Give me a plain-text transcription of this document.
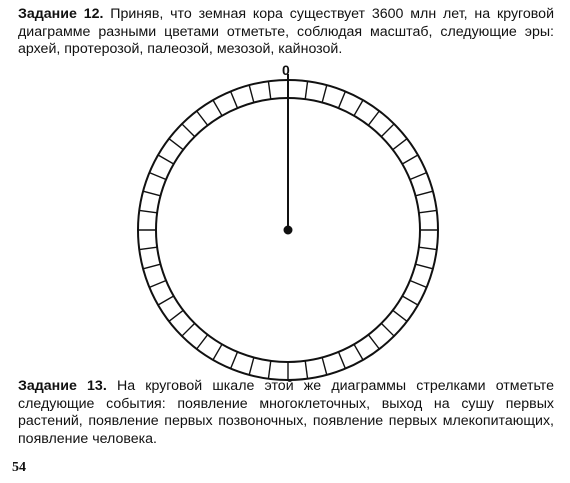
Задание 12. Приняв, что земная кора существует 3600 млн лет, на круговой диаграмме разными цветами отметьте, соблюдая масштаб, следующие эры: архей, протерозой, палеозой, мезозой, кайнозой.

0

Задание 13. На круговой шкале этой же диаграммы стрелками отметьте следующие события: появление многоклеточных, выход на сушу первых растений, появление первых позвоночных, появление первых млекопитающих, появление человека.

54
